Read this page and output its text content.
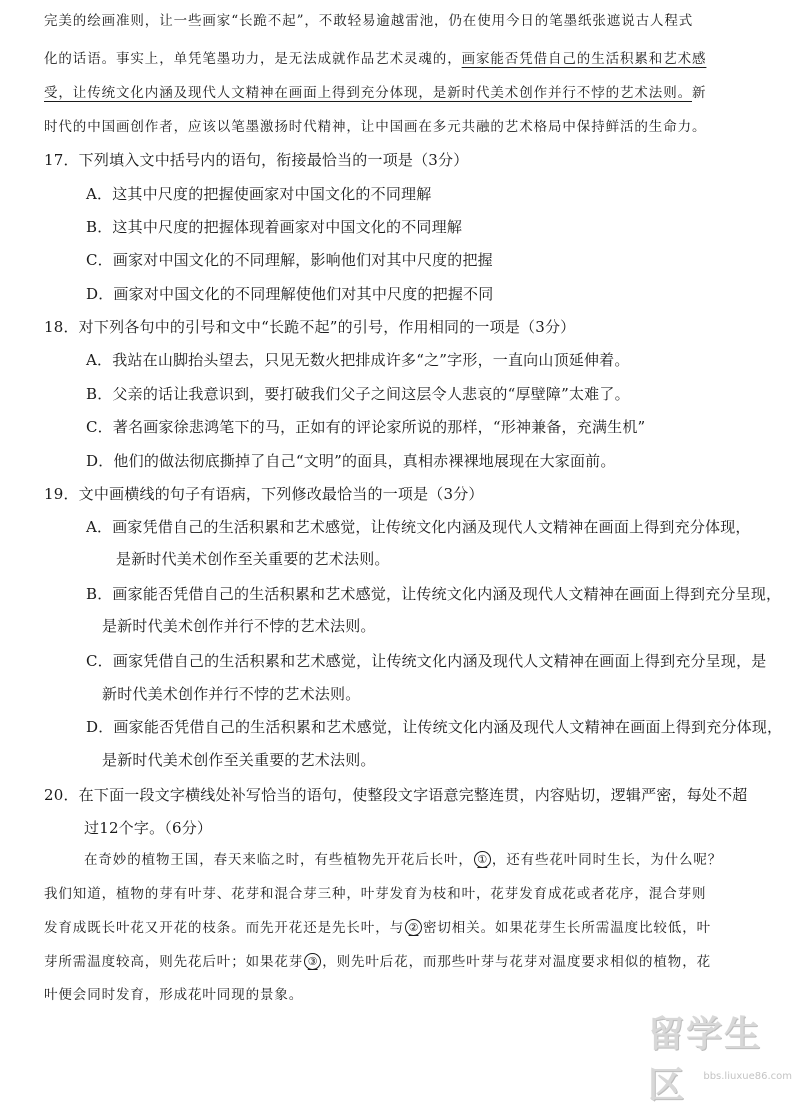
完美的绘画准则，让一些画家“长跪不起”，不敢轻易逾越雷池，仍在使用今日的笔墨纸张遮说古人程式
化的话语。事实上，单凭笔墨功力，是无法成就作品艺术灵魂的，画家能否凭借自己的生活积累和艺术感
受，让传统文化内涵及现代人文精神在画面上得到充分体现，是新时代美术创作并行不悖的艺术法则。新
时代的中国画创作者，应该以笔墨激扬时代精神，让中国画在多元共融的艺术格局中保持鲜活的生命力。
17．下列填入文中括号内的语句，衔接最恰当的一项是（3分）
A．这其中尺度的把握使画家对中国文化的不同理解
B．这其中尺度的把握体现着画家对中国文化的不同理解
C．画家对中国文化的不同理解，影响他们对其中尺度的把握
D．画家对中国文化的不同理解使他们对其中尺度的把握不同
18．对下列各句中的引号和文中“长跪不起”的引号，作用相同的一项是（3分）
A．我站在山脚抬头望去，只见无数火把排成许多“之”字形，一直向山顶延伸着。
B．父亲的话让我意识到，要打破我们父子之间这层令人悲哀的“厚壁障”太难了。
C．著名画家徐悲鸿笔下的马，正如有的评论家所说的那样，“形神兼备，充满生机”
D．他们的做法彻底撕掉了自己“文明”的面具，真相赤裸裸地展现在大家面前。
19．文中画横线的句子有语病，下列修改最恰当的一项是（3分）
A．画家凭借自己的生活积累和艺术感觉，让传统文化内涵及现代人文精神在画面上得到充分体现，
是新时代美术创作至关重要的艺术法则。
B．画家能否凭借自己的生活积累和艺术感觉，让传统文化内涵及现代人文精神在画面上得到充分呈现，
是新时代美术创作并行不悖的艺术法则。
C．画家凭借自己的生活积累和艺术感觉，让传统文化内涵及现代人文精神在画面上得到充分呈现，是
新时代美术创作并行不悖的艺术法则。
D．画家能否凭借自己的生活积累和艺术感觉，让传统文化内涵及现代人文精神在画面上得到充分体现，
是新时代美术创作至关重要的艺术法则。
20．在下面一段文字横线处补写恰当的语句，使整段文字语意完整连贯，内容贴切，逻辑严密，每处不超
过12个字。（6分）
在奇妙的植物王国，春天来临之时，有些植物先开花后长叶， ① ，还有些花叶同时生长，为什么呢？
我们知道，植物的芽有叶芽、花芽和混合芽三种，叶芽发育为枝和叶，花芽发育成花或者花序，混合芽则
发育成既长叶花又开花的枝条。而先开花还是先长叶，与 ② 密切相关。如果花芽生长所需温度比较低，叶
芽所需温度较高，则先花后叶；如果花芽 ③ ，则先叶后花，而那些叶芽与花芽对温度要求相似的植物，花
叶便会同时发育，形成花叶同现的景象。
留学生区	bbs.liuxue86.com
